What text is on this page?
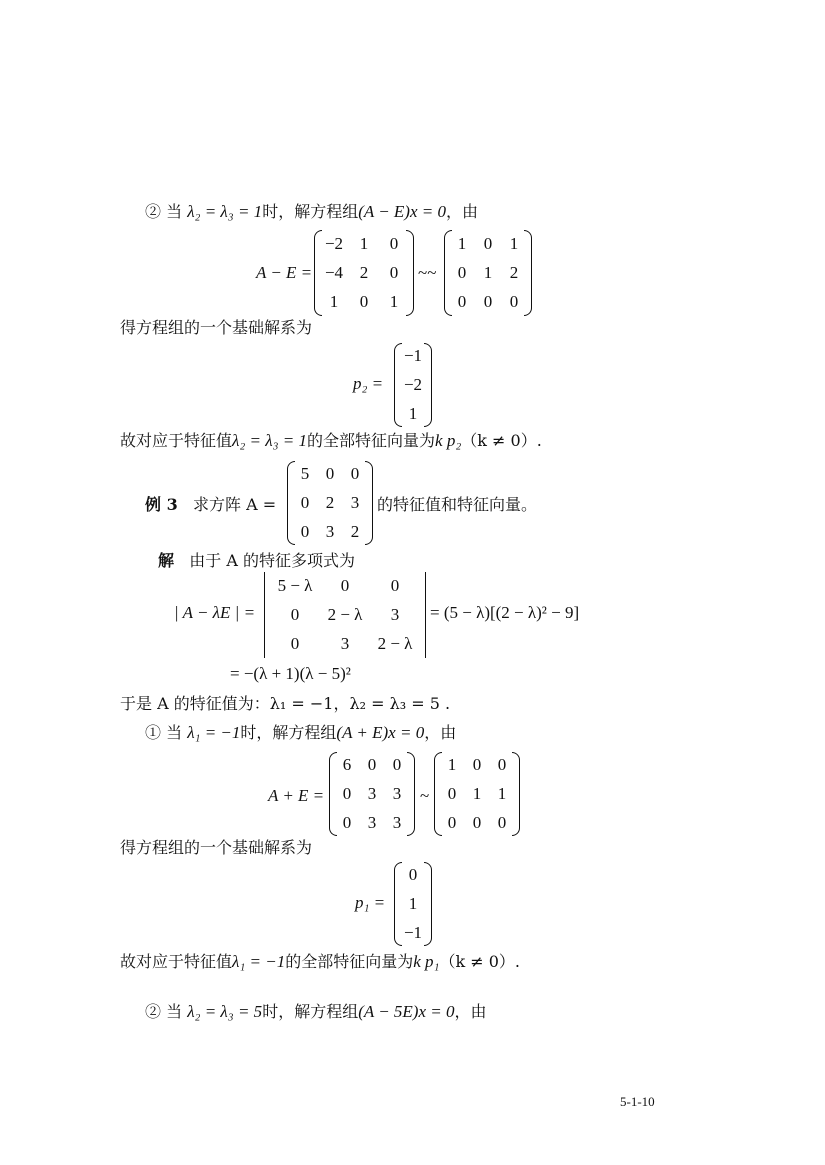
② 当 λ₂ = λ₃ = 1时，解方程组(A − E)x = 0，由
A − E =
−2 1	0
−4 2	0
1	0	1
~~
1	0	1
0	1	2
0	0	0
得方程组的一个基础解系为
p₂ =
−1
−2
1
故对应于特征值λ₂ = λ₃ = 1的全部特征向量为k p₂（k ≠ 0）.
例 3 求方阵 A =
5 0 0
0 2 3
0 3 2
的特征值和特征向量。
解 由于 A 的特征多项式为
| A − λE | =
5 − λ	0	0
0	2 − λ	3
0	3	2 − λ
= (5 − λ)[(2 − λ)² − 9]
= −(λ + 1)(λ − 5)²
于是 A 的特征值为：λ₁ = −1，λ₂ = λ₃ = 5 .
① 当 λ₁ = −1时，解方程组(A + E)x = 0，由
A + E =
6 0 0
0 3 3
0 3 3
~
1 0 0
0 1 1
0 0 0
得方程组的一个基础解系为
p₁ =
0
1
−1
故对应于特征值λ₁ = −1的全部特征向量为k p₁（k ≠ 0）.
② 当 λ₂ = λ₃ = 5时，解方程组(A − 5E)x = 0，由
5-1-10
